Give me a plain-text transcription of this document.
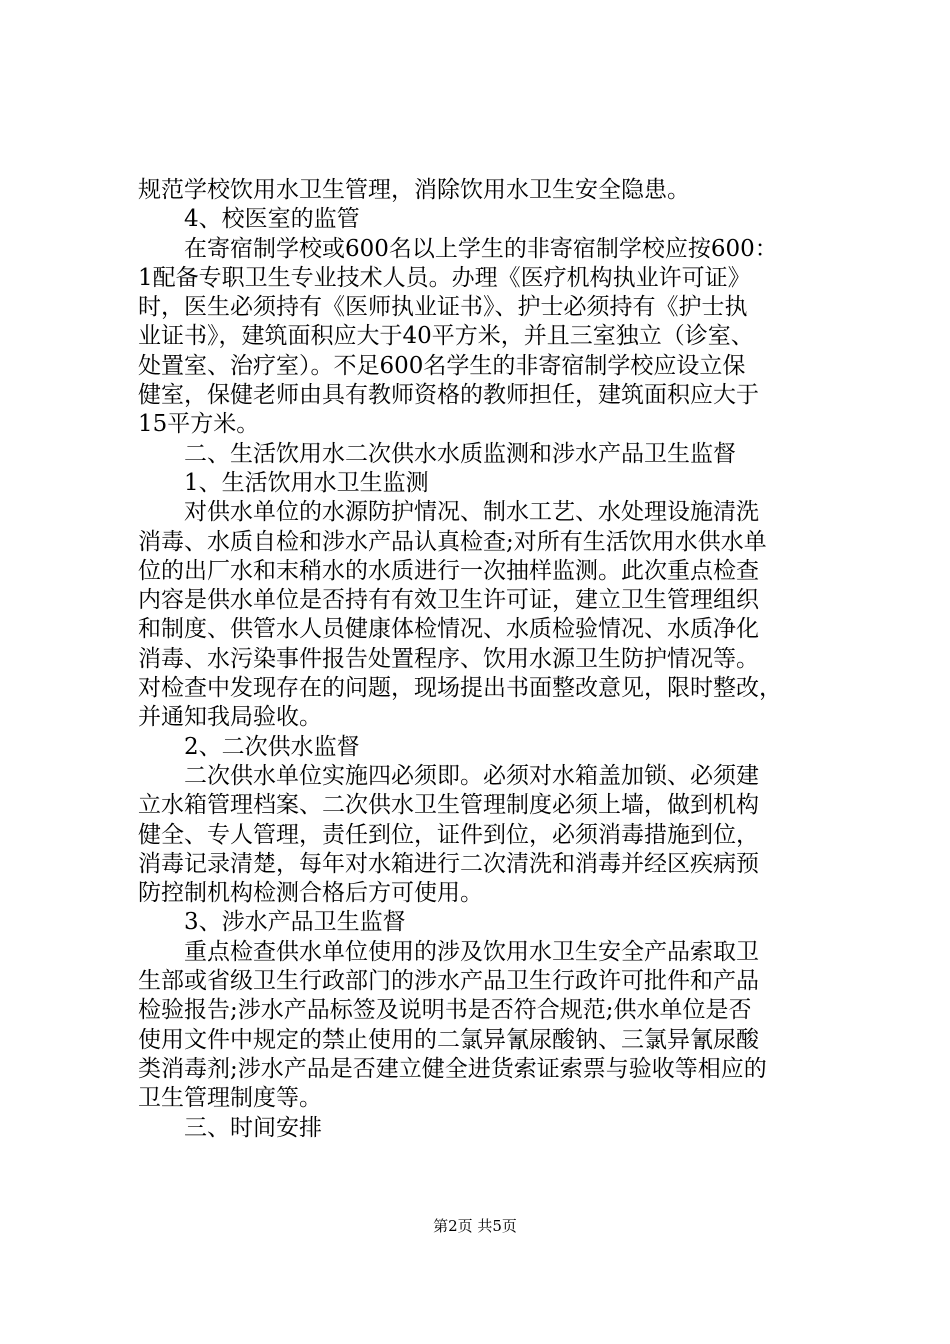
规范学校饮用水卫生管理，消除饮用水卫生安全隐患。
4、校医室的监管
在寄宿制学校或600名以上学生的非寄宿制学校应按600：
1配备专职卫生专业技术人员。办理《医疗机构执业许可证》
时，医生必须持有《医师执业证书》、护士必须持有《护士执
业证书》，建筑面积应大于40平方米，并且三室独立（诊室、
处置室、治疗室）。不足600名学生的非寄宿制学校应设立保
健室，保健老师由具有教师资格的教师担任，建筑面积应大于
15平方米。
二、生活饮用水二次供水水质监测和涉水产品卫生监督
1、生活饮用水卫生监测
对供水单位的水源防护情况、制水工艺、水处理设施清洗
消毒、水质自检和涉水产品认真检查;对所有生活饮用水供水单
位的出厂水和末稍水的水质进行一次抽样监测。此次重点检查
内容是供水单位是否持有有效卫生许可证，建立卫生管理组织
和制度、供管水人员健康体检情况、水质检验情况、水质净化
消毒、水污染事件报告处置程序、饮用水源卫生防护情况等。
对检查中发现存在的问题，现场提出书面整改意见，限时整改，
并通知我局验收。
2、二次供水监督
二次供水单位实施四必须即。必须对水箱盖加锁、必须建
立水箱管理档案、二次供水卫生管理制度必须上墙，做到机构
健全、专人管理，责任到位，证件到位，必须消毒措施到位，
消毒记录清楚，每年对水箱进行二次清洗和消毒并经区疾病预
防控制机构检测合格后方可使用。
3、涉水产品卫生监督
重点检查供水单位使用的涉及饮用水卫生安全产品索取卫
生部或省级卫生行政部门的涉水产品卫生行政许可批件和产品
检验报告;涉水产品标签及说明书是否符合规范;供水单位是否
使用文件中规定的禁止使用的二氯异氰尿酸钠、三氯异氰尿酸
类消毒剂;涉水产品是否建立健全进货索证索票与验收等相应的
卫生管理制度等。
三、时间安排
第2页 共5页
